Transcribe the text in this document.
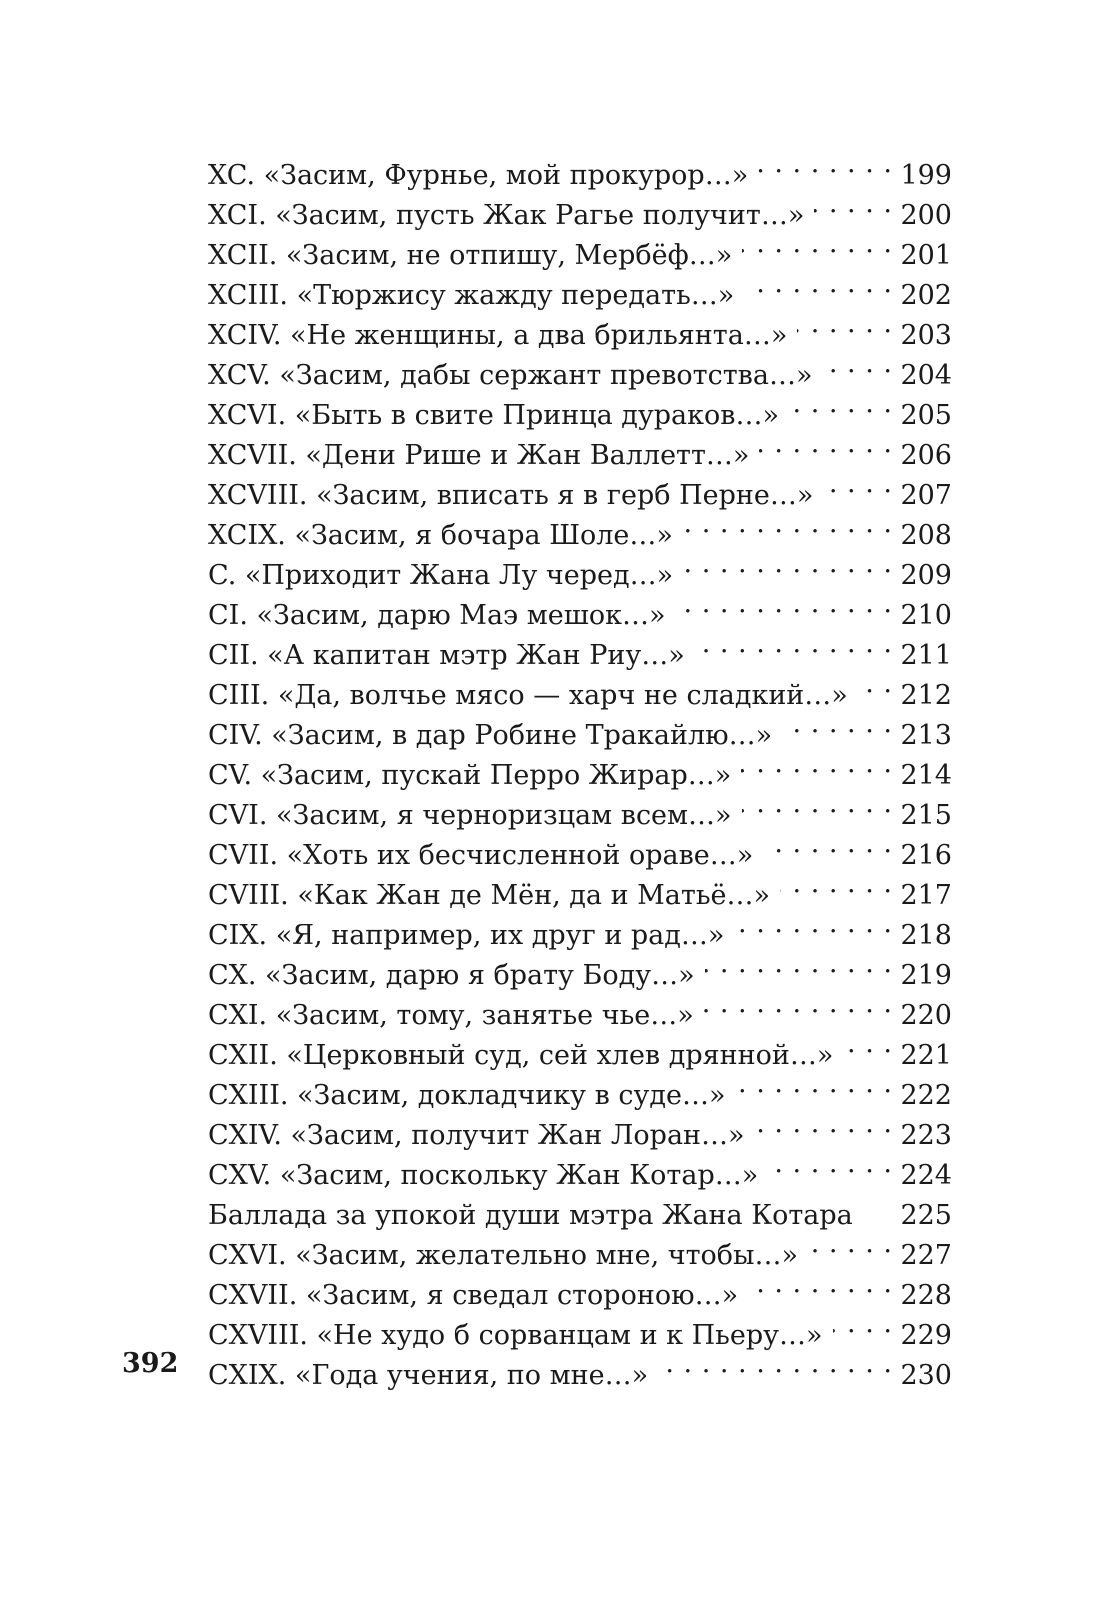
XC. «Засим, Фурнье, мой прокурор…» . . .	199
XCI. «Засим, пусть Жак Рагье получит…» . . .	200
XCII. «Засим, не отпишу, Мербёф…» . . .	201
XCIII. «Тюржису жажду передать…» . . .	202
XCIV. «Не женщины, а два брильянта…» . . .	203
XCV. «Засим, дабы сержант превотства…» . . .	204
XCVI. «Быть в свите Принца дураков…» . . .	205
XCVII. «Дени Рише и Жан Валлетт…» . . .	206
XCVIII. «Засим, вписать я в герб Перне…» . . .	207
XCIX. «Засим, я бочара Шоле…» . . .	208
C. «Приходит Жана Лу черед…» . . .	209
CI. «Засим, дарю Маэ мешок…» . . .	210
CII. «А капитан мэтр Жан Риу…» . . .	211
CIII. «Да, волчье мясо — харч не сладкий…» . . .	212
CIV. «Засим, в дар Робине Тракайлю…» . . .	213
CV. «Засим, пускай Перро Жирар…» . . .	214
CVI. «Засим, я черноризцам всем…» . . .	215
CVII. «Хоть их бесчисленной ораве…» . . .	216
CVIII. «Как Жан де Мён, да и Матьё…» . . .	217
CIX. «Я, например, их друг и рад…» . . .	218
CX. «Засим, дарю я брату Боду…» . . .	219
CXI. «Засим, тому, занятье чье…» . . .	220
CXII. «Церковный суд, сей хлев дрянной…» . . .	221
CXIII. «Засим, докладчику в суде…» . . .	222
CXIV. «Засим, получит Жан Лоран…» . . .	223
CXV. «Засим, поскольку Жан Котар…» . . .	224
Баллада за упокой души мэтра Жана Котара	225
CXVI. «Засим, желательно мне, чтобы…» . . .	227
CXVII. «Засим, я сведал стороною…» . . .	228
CXVIII. «Не худо б сорванцам и к Пьеру…» . . .	229
CXIX. «Года учения, по мне…» . . .	230
392
